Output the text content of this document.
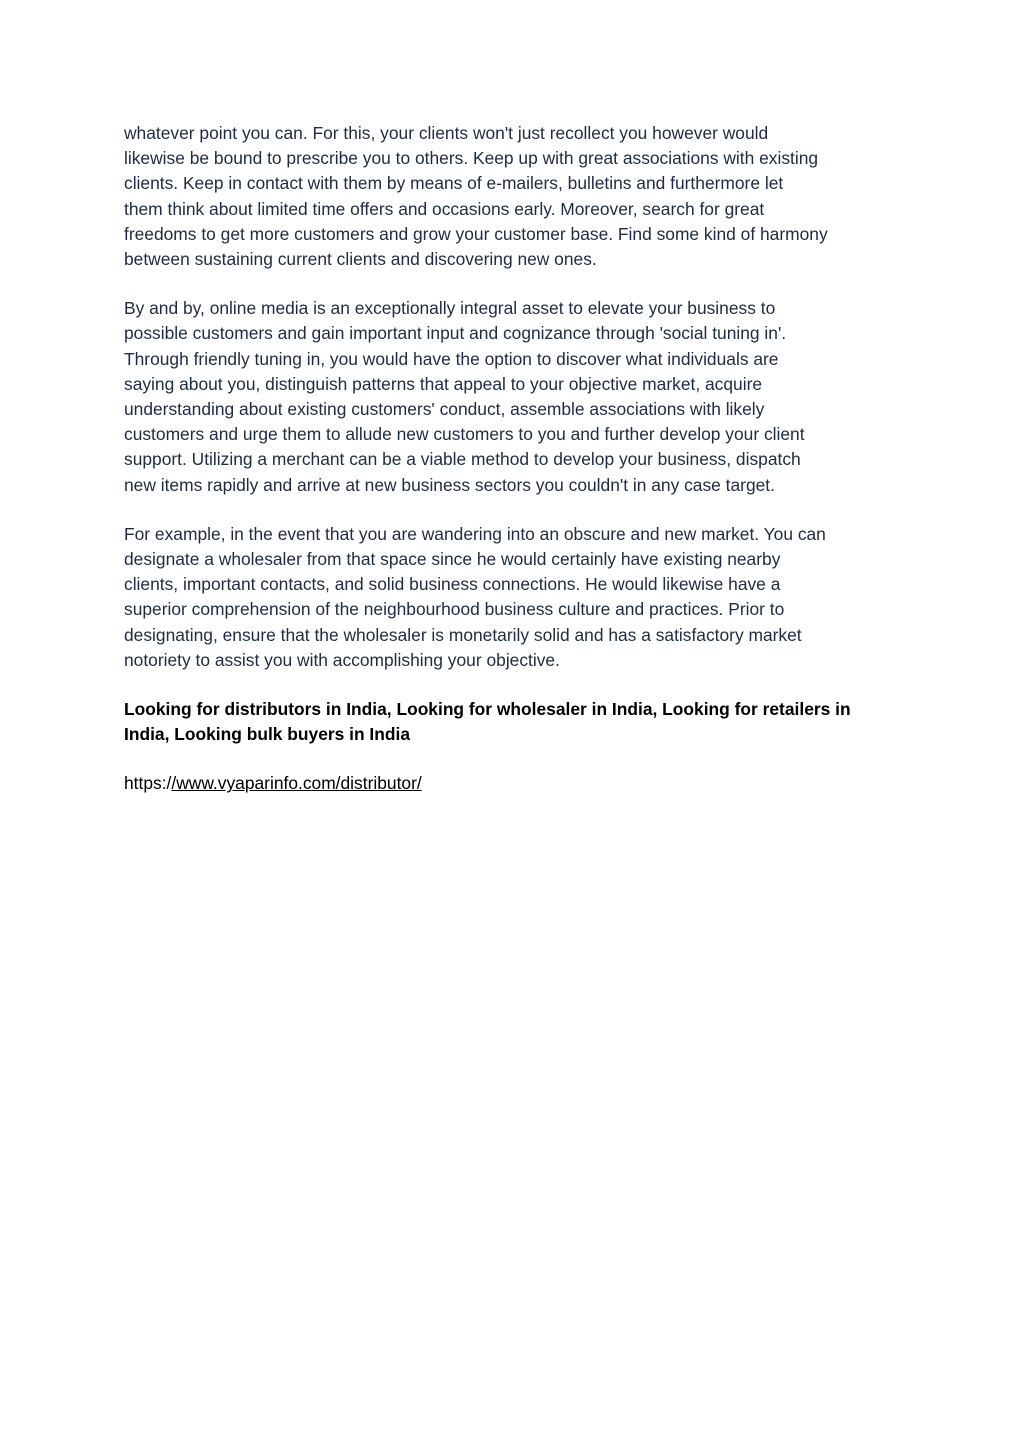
whatever point you can. For this, your clients won't just recollect you however would
likewise be bound to prescribe you to others. Keep up with great associations with existing
clients. Keep in contact with them by means of e-mailers, bulletins and furthermore let
them think about limited time offers and occasions early. Moreover, search for great
freedoms to get more customers and grow your customer base. Find some kind of harmony
between sustaining current clients and discovering new ones.

By and by, online media is an exceptionally integral asset to elevate your business to
possible customers and gain important input and cognizance through 'social tuning in'.
Through friendly tuning in, you would have the option to discover what individuals are
saying about you, distinguish patterns that appeal to your objective market, acquire
understanding about existing customers' conduct, assemble associations with likely
customers and urge them to allude new customers to you and further develop your client
support. Utilizing a merchant can be a viable method to develop your business, dispatch
new items rapidly and arrive at new business sectors you couldn't in any case target.

For example, in the event that you are wandering into an obscure and new market. You can
designate a wholesaler from that space since he would certainly have existing nearby
clients, important contacts, and solid business connections. He would likewise have a
superior comprehension of the neighbourhood business culture and practices. Prior to
designating, ensure that the wholesaler is monetarily solid and has a satisfactory market
notoriety to assist you with accomplishing your objective.

Looking for distributors in India, Looking for wholesaler in India, Looking for retailers in
India, Looking bulk buyers in India

https://www.vyaparinfo.com/distributor/
